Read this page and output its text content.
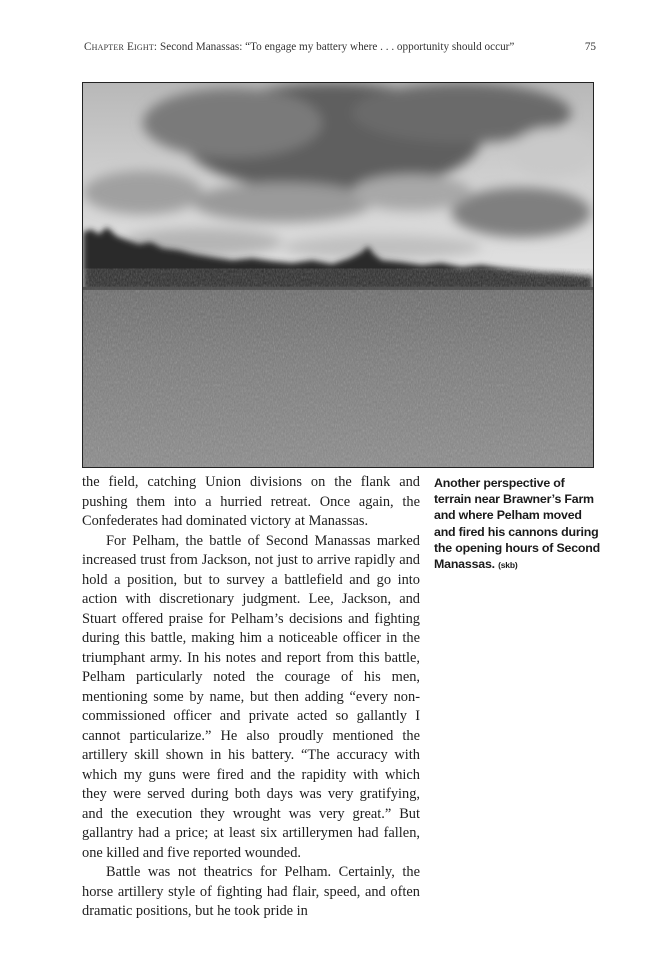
Chapter Eight: Second Manassas: “To engage my battery where . . . opportunity should occur”	75

the field, catching Union divisions on the flank and pushing them into a hurried retreat. Once again, the Confederates had dominated victory at Manassas.

For Pelham, the battle of Second Manassas marked increased trust from Jackson, not just to arrive rapidly and hold a position, but to survey a battlefield and go into action with discretionary judgment. Lee, Jackson, and Stuart offered praise for Pelham’s decisions and fighting during this battle, making him a noticeable officer in the triumphant army. In his notes and report from this battle, Pelham particularly noted the courage of his men, mentioning some by name, but then adding “every non-commissioned officer and private acted so gallantly I cannot particularize.” He also proudly mentioned the artillery skill shown in his battery. “The accuracy with which my guns were fired and the rapidity with which they were served during both days was very gratifying, and the execution they wrought was very great.” But gallantry had a price; at least six artillerymen had fallen, one killed and five reported wounded.

Battle was not theatrics for Pelham. Certainly, the horse artillery style of fighting had flair, speed, and often dramatic positions, but he took pride in

Another perspective of terrain near Brawner’s Farm and where Pelham moved and fired his cannons during the opening hours of Second Manassas. (skb)
